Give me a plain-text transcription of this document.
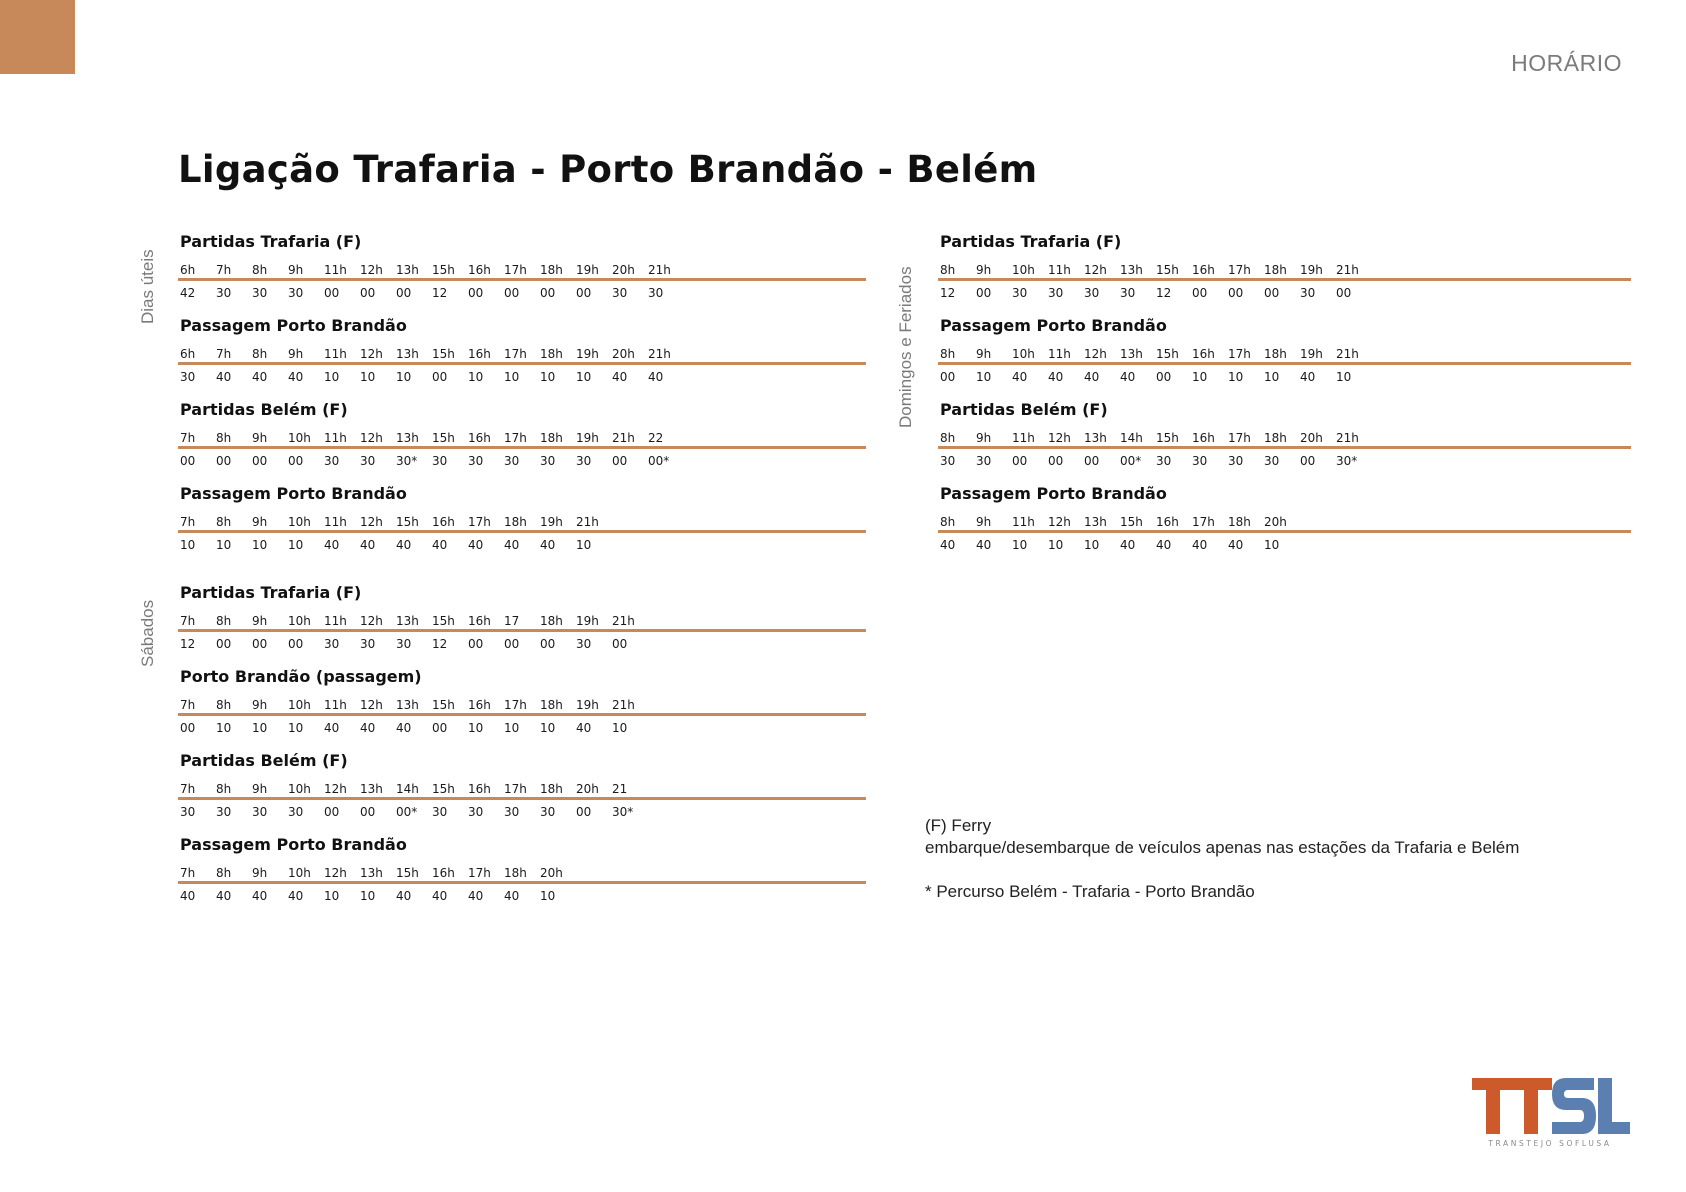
HORÁRIO
Ligação Trafaria - Porto Brandão - Belém
Dias úteis
Partidas Trafaria (F)
6h	7h	8h	9h	11h	12h	13h	15h	16h	17h	18h	19h	20h	21h
42	30	30	30	00	00	00	12	00	00	00	00	30	30
Passagem Porto Brandão
6h	7h	8h	9h	11h	12h	13h	15h	16h	17h	18h	19h	20h	21h
30	40	40	40	10	10	10	00	10	10	10	10	40	40
Partidas Belém (F)
7h	8h	9h	10h	11h	12h	13h	15h	16h	17h	18h	19h	21h	22
00	00	00	00	30	30	30*	30	30	30	30	30	00	00*
Passagem Porto Brandão
7h	8h	9h	10h	11h	12h	15h	16h	17h	18h	19h	21h
10	10	10	10	40	40	40	40	40	40	40	10
Sábados
Partidas Trafaria (F)
7h	8h	9h	10h	11h	12h	13h	15h	16h	17	18h	19h	21h
12	00	00	00	30	30	30	12	00	00	00	30	00
Porto Brandão (passagem)
7h	8h	9h	10h	11h	12h	13h	15h	16h	17h	18h	19h	21h
00	10	10	10	40	40	40	00	10	10	10	40	10
Partidas Belém (F)
7h	8h	9h	10h	12h	13h	14h	15h	16h	17h	18h	20h	21
30	30	30	30	00	00	00*	30	30	30	30	00	30*
Passagem Porto Brandão
7h	8h	9h	10h	12h	13h	15h	16h	17h	18h	20h
40	40	40	40	10	10	40	40	40	40	10
Domingos e Feriados
Partidas Trafaria (F)
8h	9h	10h	11h	12h	13h	15h	16h	17h	18h	19h	21h
12	00	30	30	30	30	12	00	00	00	30	00
Passagem Porto Brandão
8h	9h	10h	11h	12h	13h	15h	16h	17h	18h	19h	21h
00	10	40	40	40	40	00	10	10	10	40	10
Partidas Belém (F)
8h	9h	11h	12h	13h	14h	15h	16h	17h	18h	20h	21h
30	30	00	00	00	00*	30	30	30	30	00	30*
Passagem Porto Brandão
8h	9h	11h	12h	13h	15h	16h	17h	18h	20h
40	40	10	10	10	40	40	40	40	10
(F) Ferry
embarque/desembarque de veículos apenas nas estações da Trafaria e Belém
* Percurso Belém - Trafaria - Porto Brandão
TRANSTEJO SOFLUSA
